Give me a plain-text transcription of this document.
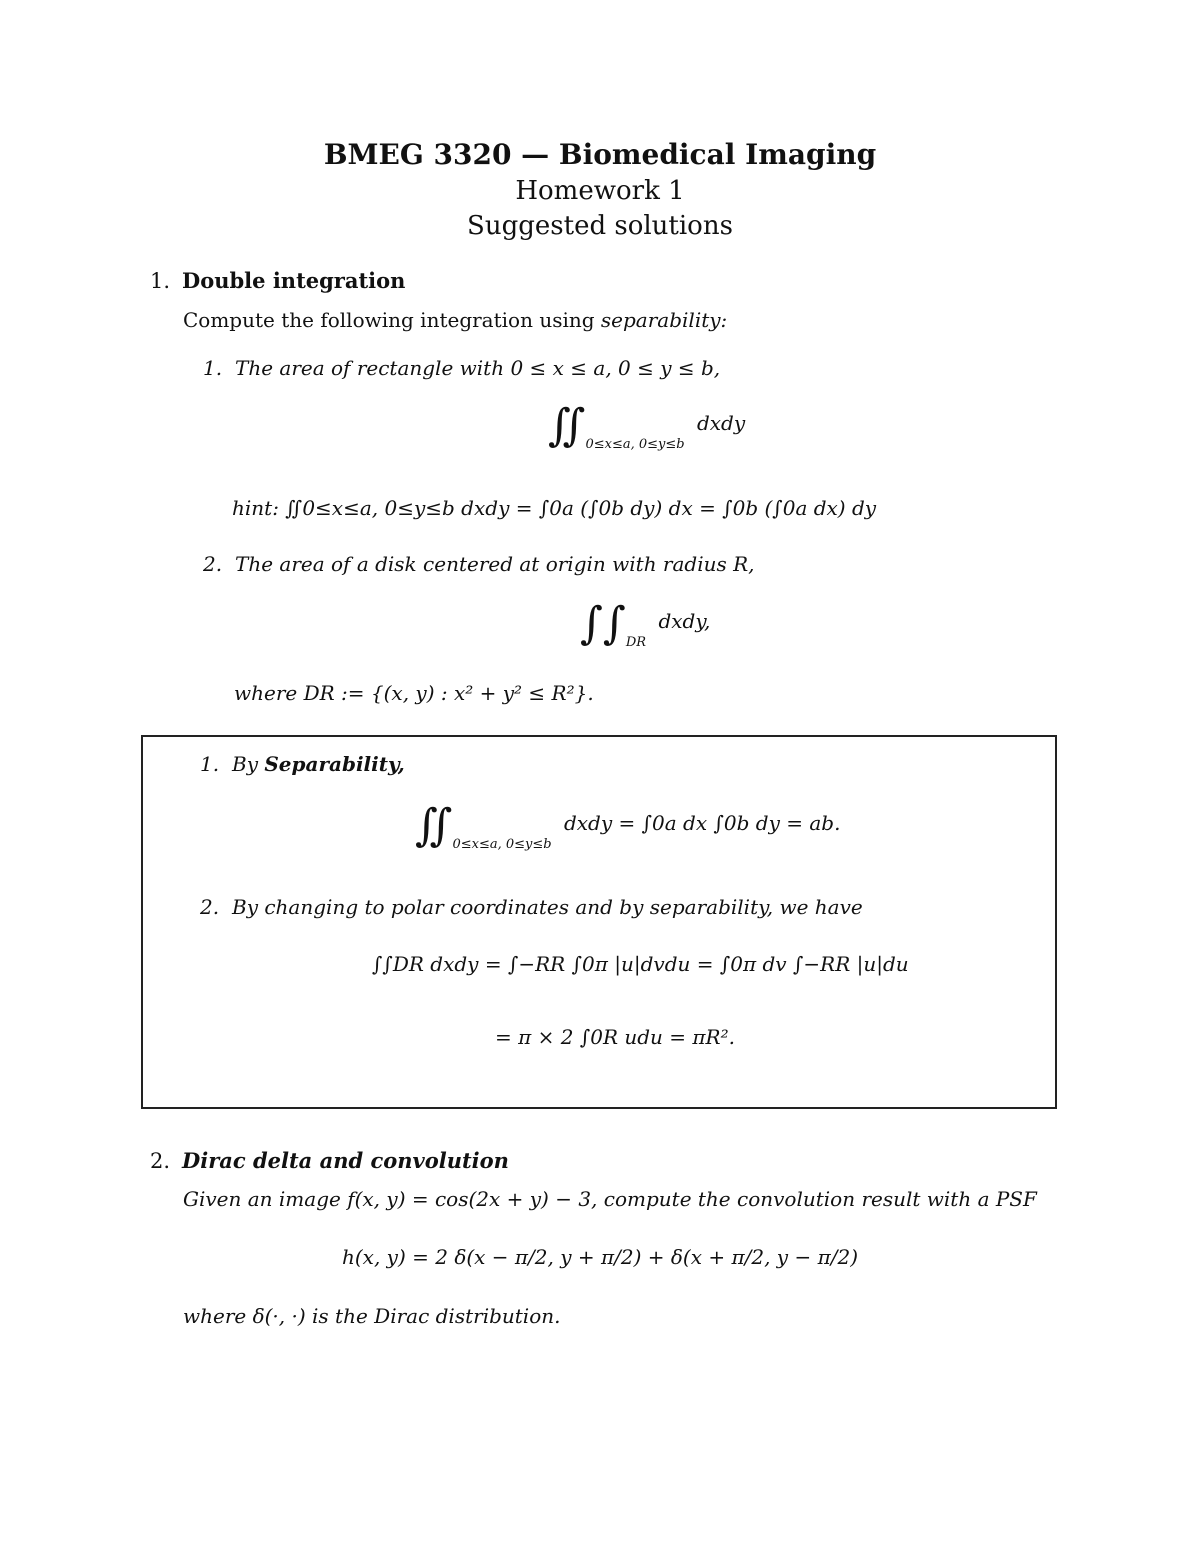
BMEG 3320 — Biomedical Imaging
Homework 1
Suggested solutions
1. Double integration
Compute the following integration using separability:
1. The area of rectangle with 0 ≤ x ≤ a, 0 ≤ y ≤ b,
$∬_{0\le x\le a, 0\le y\le b}$ dxdy
hint: ∬0≤x≤a, 0≤y≤b dxdy = ∫0a (∫0b dy) dx = ∫0b (∫0a dx) dy
2. The area of a disk centered at origin with radius R,
$\int\int_{DR}$ dxdy,
where DR := {(x, y) : x² + y² ≤ R²}.
1. By Separability,
$∬_{0\le x\le a, 0\le y\le b}$ dxdy = ∫0a dx ∫0b dy = ab.
2. By changing to polar coordinates and by separability, we have
∫∫DR dxdy = ∫−RR ∫0π |u|dvdu = ∫0π dv ∫−RR |u|du
= π × 2 ∫0R udu = πR².
2. Dirac delta and convolution
Given an image f(x, y) = cos(2x + y) − 3, compute the convolution result with a PSF
h(x, y) = 2 δ(x − π/2, y + π/2) + δ(x + π/2, y − π/2)
where δ(·, ·) is the Dirac distribution.
